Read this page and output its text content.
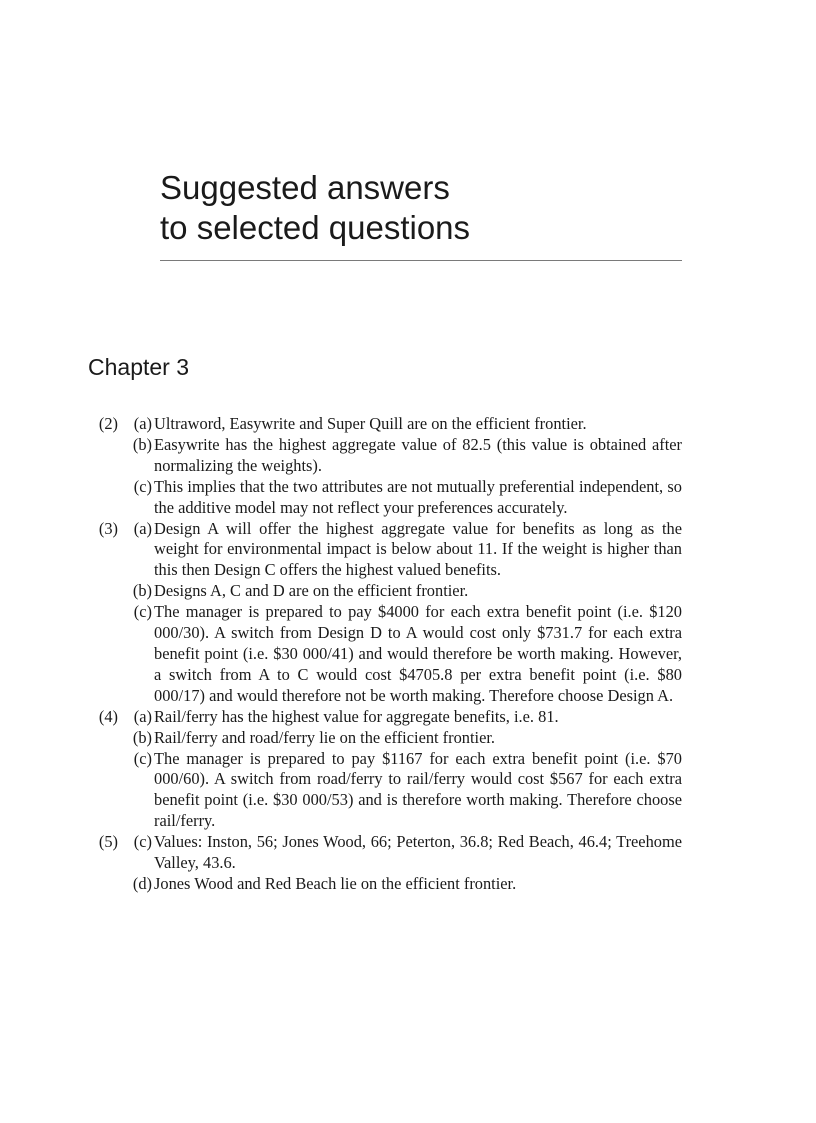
Suggested answers
to selected questions
Chapter 3
(2) (a) Ultraword, Easywrite and Super Quill are on the efficient frontier.
(b) Easywrite has the highest aggregate value of 82.5 (this value is obtained after normalizing the weights).
(c) This implies that the two attributes are not mutually preferential independent, so the additive model may not reflect your preferences accurately.
(3) (a) Design A will offer the highest aggregate value for benefits as long as the weight for environmental impact is below about 11. If the weight is higher than this then Design C offers the highest valued benefits.
(b) Designs A, C and D are on the efficient frontier.
(c) The manager is prepared to pay $4000 for each extra benefit point (i.e. $120 000/30). A switch from Design D to A would cost only $731.7 for each extra benefit point (i.e. $30 000/41) and would therefore be worth making. However, a switch from A to C would cost $4705.8 per extra benefit point (i.e. $80 000/17) and would therefore not be worth making. Therefore choose Design A.
(4) (a) Rail/ferry has the highest value for aggregate benefits, i.e. 81.
(b) Rail/ferry and road/ferry lie on the efficient frontier.
(c) The manager is prepared to pay $1167 for each extra benefit point (i.e. $70 000/60). A switch from road/ferry to rail/ferry would cost $567 for each extra benefit point (i.e. $30 000/53) and is therefore worth making. Therefore choose rail/ferry.
(5) (c) Values: Inston, 56; Jones Wood, 66; Peterton, 36.8; Red Beach, 46.4; Treehome Valley, 43.6.
(d) Jones Wood and Red Beach lie on the efficient frontier.
